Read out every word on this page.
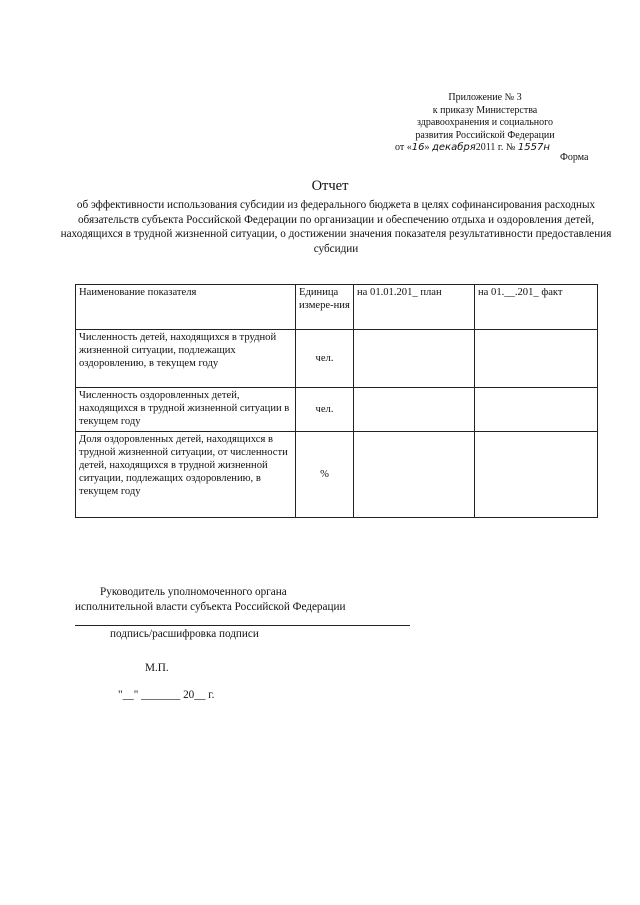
Приложение № 3
к приказу Министерства
здравоохранения и социального
развития Российской Федерации
от «16» декабря2011 г. № 1557н
Форма
Отчет
об эффективности использования субсидии из федерального бюджета в целях софинансирования расходных обязательств субъекта Российской Федерации по организации и обеспечению отдыха и оздоровления детей, находящихся в трудной жизненной ситуации, о достижении значения показателя результативности предоставления субсидии
Наименование показателя	Единица измере-ния	на 01.01.201_ план	на 01.__.201_ факт
Численность детей, находящихся в трудной жизненной ситуации, подлежащих оздоровлению, в текущем году	чел.		
Численность оздоровленных детей, находящихся в трудной жизненной ситуации в текущем году	чел.		
Доля оздоровленных детей, находящихся в трудной жизненной ситуации, от численности детей, находящихся в трудной жизненной ситуации, подлежащих оздоровлению, в текущем году	%		
Руководитель уполномоченного органа
исполнительной власти субъекта Российской Федерации
подпись/расшифровка подписи
М.П.
"__" _______ 20__ г.
